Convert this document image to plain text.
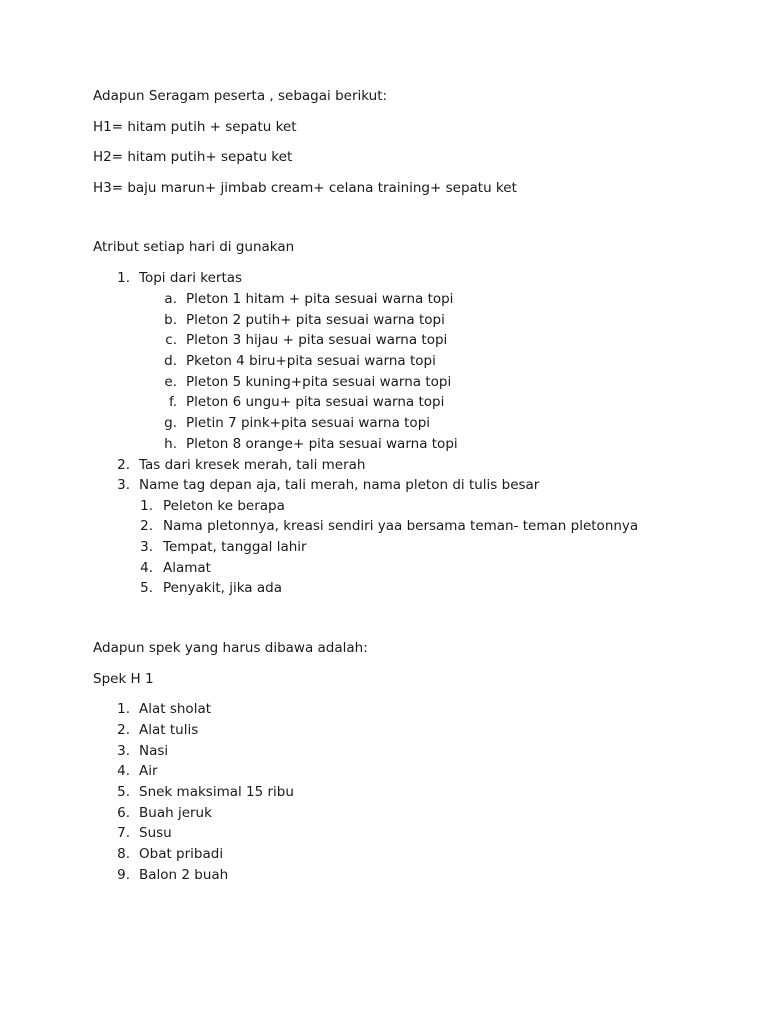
Adapun Seragam peserta , sebagai berikut:
H1= hitam putih + sepatu ket
H2= hitam putih+ sepatu ket
H3= baju marun+ jimbab cream+ celana training+ sepatu ket
Atribut setiap hari di gunakan
1. Topi dari kertas
a. Pleton 1 hitam + pita sesuai warna topi
b. Pleton 2 putih+ pita sesuai warna topi
c. Pleton 3 hijau + pita sesuai warna topi
d. Pketon 4 biru+pita sesuai warna topi
e. Pleton 5 kuning+pita sesuai warna topi
f. Pleton 6 ungu+ pita sesuai warna topi
g. Pletin 7 pink+pita sesuai warna topi
h. Pleton 8 orange+ pita sesuai warna topi
2. Tas dari kresek merah, tali merah
3. Name tag depan aja, tali merah, nama pleton di tulis besar
1. Peleton ke berapa
2. Nama pletonnya, kreasi sendiri yaa bersama teman- teman pletonnya
3. Tempat, tanggal lahir
4. Alamat
5. Penyakit, jika ada
Adapun spek yang harus dibawa adalah:
Spek H 1
1. Alat sholat
2. Alat tulis
3. Nasi
4. Air
5. Snek maksimal 15 ribu
6. Buah jeruk
7. Susu
8. Obat pribadi
9. Balon 2 buah
